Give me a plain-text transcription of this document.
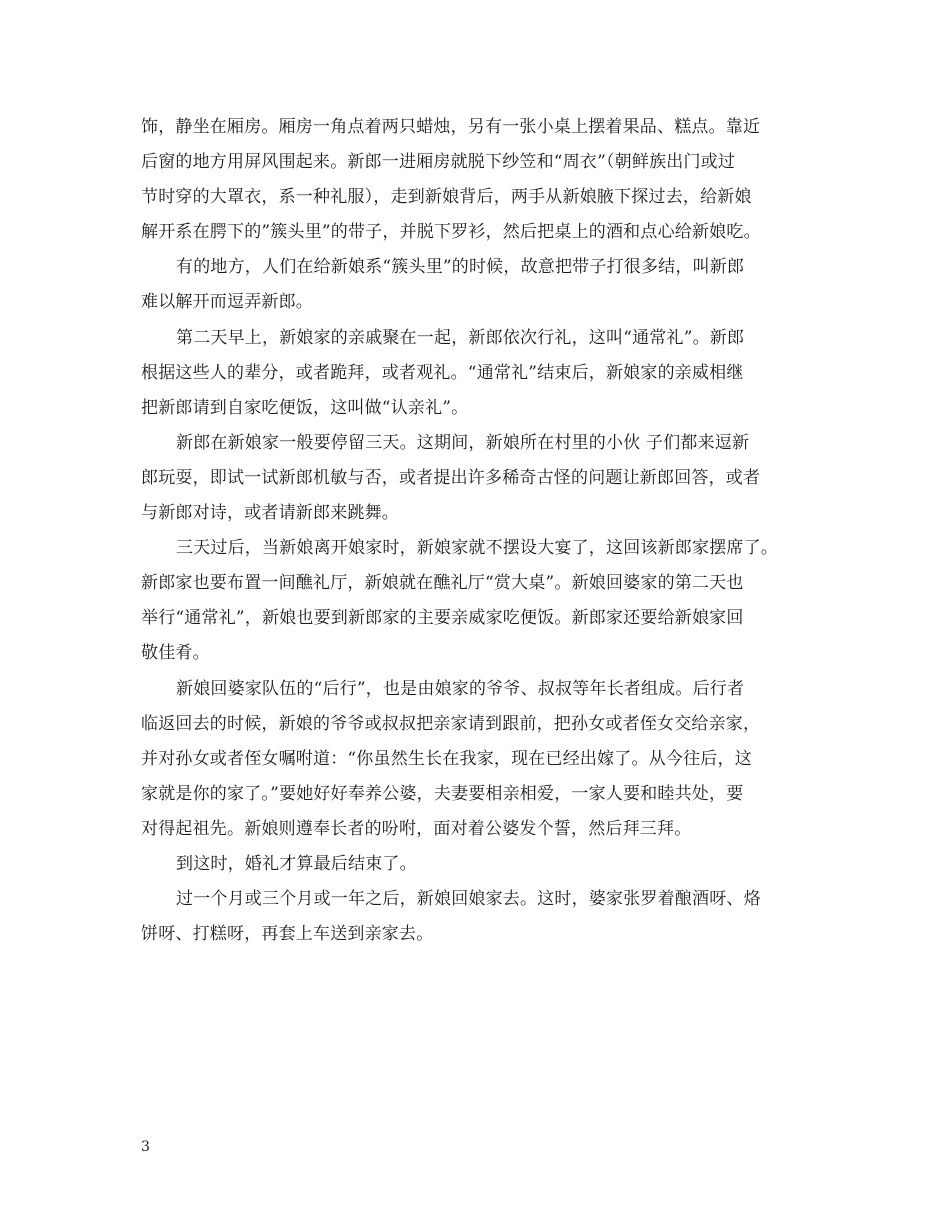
饰，静坐在厢房。厢房一角点着两只蜡烛，另有一张小桌上摆着果品、糕点。靠近
后窗的地方用屏风围起来。新郎一进厢房就脱下纱笠和“周衣”（朝鲜族出门或过
节时穿的大罩衣，系一种礼服），走到新娘背后，两手从新娘腋下探过去，给新娘
解开系在腭下的”簇头里”的带子，并脱下罗衫，然后把桌上的酒和点心给新娘吃。
有的地方，人们在给新娘系“簇头里”的时候，故意把带子打很多结，叫新郎
难以解开而逗弄新郎。
第二天早上，新娘家的亲戚聚在一起，新郎依次行礼，这叫“通常礼”。新郎
根据这些人的辈分，或者跪拜，或者观礼。“通常礼”结束后，新娘家的亲威相继
把新郎请到自家吃便饭，这叫做“认亲礼”。
新郎在新娘家一般要停留三天。这期间，新娘所在村里的小伙 子们都来逗新
郎玩耍，即试一试新郎机敏与否，或者提出许多稀奇古怪的问题让新郎回答，或者
与新郎对诗，或者请新郎来跳舞。
三天过后，当新娘离开娘家时，新娘家就不摆设大宴了，这回该新郎家摆席了。
新郎家也要布置一间醮礼厅，新娘就在醮礼厅“赏大桌”。新娘回婆家的第二天也
举行“通常礼”，新娘也要到新郎家的主要亲威家吃便饭。新郎家还要给新娘家回
敬佳肴。
新娘回婆家队伍的“后行”，也是由娘家的爷爷、叔叔等年长者组成。后行者
临返回去的时候，新娘的爷爷或叔叔把亲家请到跟前，把孙女或者侄女交给亲家，
并对孙女或者侄女嘱咐道：“你虽然生长在我家，现在已经出嫁了。从今往后，这
家就是你的家了。”要她好好奉养公婆，夫妻要相亲相爱，一家人要和睦共处，要
对得起祖先。新娘则遵奉长者的吩咐，面对着公婆发个誓，然后拜三拜。
到这时，婚礼才算最后结束了。
过一个月或三个月或一年之后，新娘回娘家去。这时，婆家张罗着酿酒呀、烙
饼呀、打糕呀，再套上车送到亲家去。
3
